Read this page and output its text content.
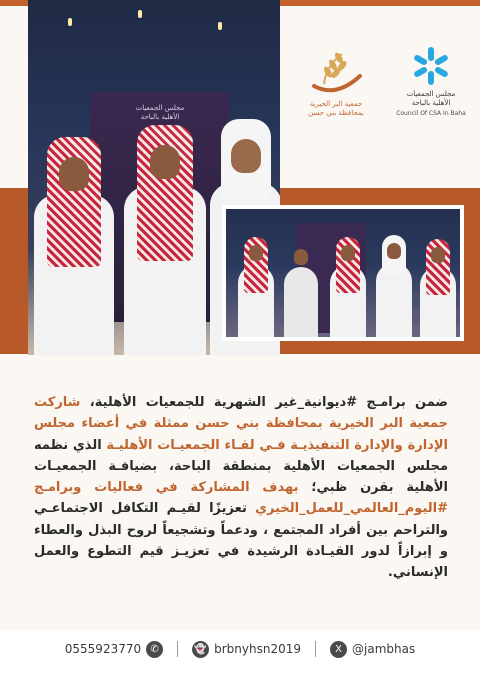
مجلس الجمعيات
الأهلية بالباحة
مجلس الجمعيات
الأهلية بالباحة
Council Of CSA In Baha
جمعية البر الخيرية
بمحافظة بني حسن
ضمن برامـج #ديوانية_غير الشهرية للجمعيات الأهلية، شاركت جمعية البر الخيرية بمحافظة بني حسن ممثلة في أعضاء مجلس الإدارة والإدارة التنفيذيـة فـي لقـاء الجمعيـات الأهليـة الذي نظمه مجلس الجمعيات الأهلية بمنطقة الباحة، بضيافـة الجمعيـات الأهلية بقرن ظبي؛ بهدف المشاركة في فعاليات وبرامـج #اليوم_العالمي_للعمل_الخيري تعزيزًا لقيـم التكافل الاجتماعـي والتراحم بين أفراد المجتمع ، ودعماً وتشجيعاً لروح البذل والعطاء و إبرازاً لدور القيـادة الرشيدة في تعزيـز قيم التطوع والعمل الإنساني.
0555923770 ✆	👻 brbnyhsn2019	X @jambhas
